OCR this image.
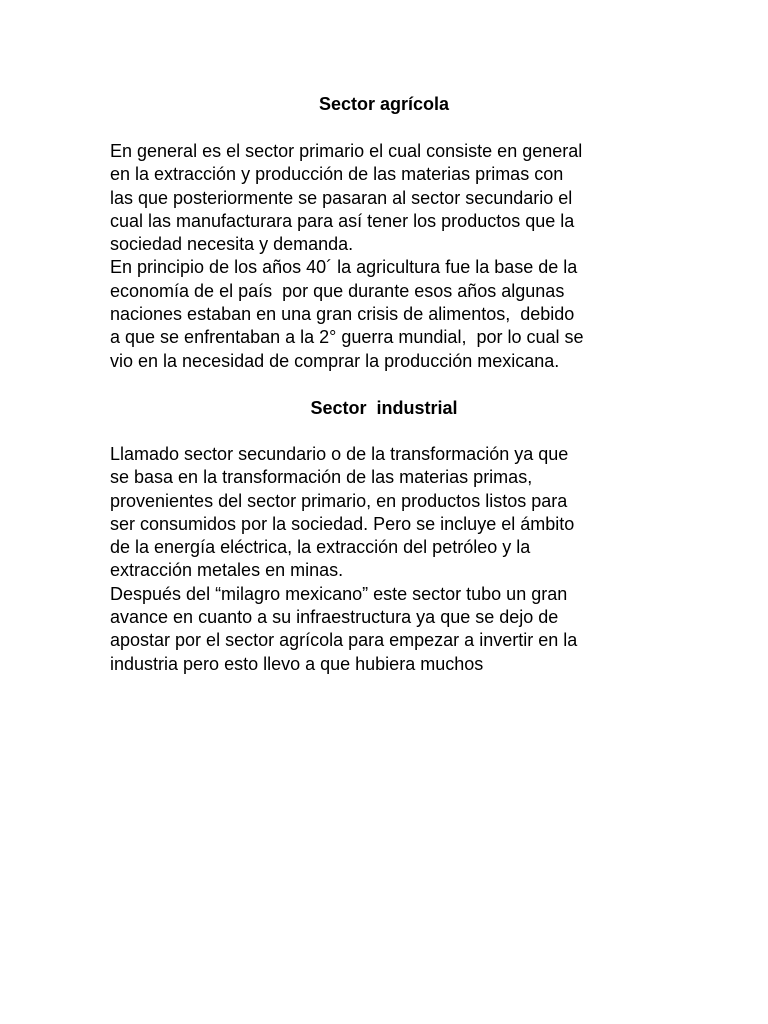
Sector agrícola
En general es el sector primario el cual consiste en general
en la extracción y producción de las materias primas con
las que posteriormente se pasaran al sector secundario el
cual las manufacturara para así tener los productos que la
sociedad necesita y demanda.
En principio de los años 40´ la agricultura fue la base de la
economía de el país  por que durante esos años algunas
naciones estaban en una gran crisis de alimentos,  debido
a que se enfrentaban a la 2° guerra mundial,  por lo cual se
vio en la necesidad de comprar la producción mexicana.
Sector  industrial
Llamado sector secundario o de la transformación ya que
se basa en la transformación de las materias primas,
provenientes del sector primario, en productos listos para
ser consumidos por la sociedad. Pero se incluye el ámbito
de la energía eléctrica, la extracción del petróleo y la
extracción metales en minas.
Después del “milagro mexicano” este sector tubo un gran
avance en cuanto a su infraestructura ya que se dejo de
apostar por el sector agrícola para empezar a invertir en la
industria pero esto llevo a que hubiera muchos
